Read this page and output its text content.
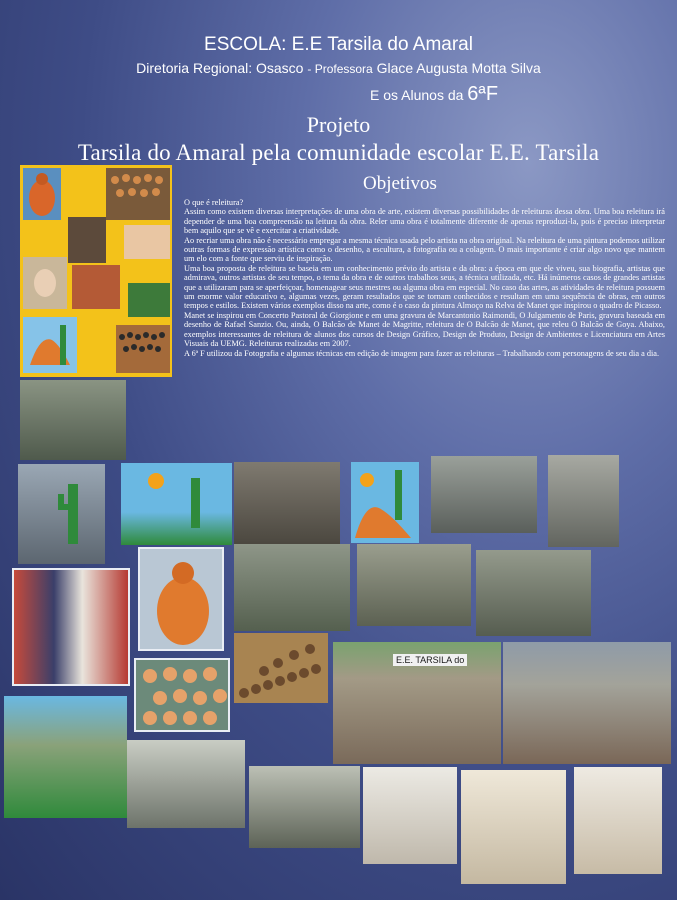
ESCOLA: E.E Tarsila do Amaral
Diretoria Regional: Osasco - Professora Glace Augusta Motta Silva
E os Alunos da 6ªF
Projeto
Tarsila do Amaral pela comunidade escolar E.E. Tarsila
Objetivos

O que é releitura?

Assim como existem diversas interpretações de uma obra de arte, existem diversas possibilidades de releituras dessa obra. Uma boa releitura irá depender de uma boa compreensão na leitura da obra. Reler uma obra é totalmente diferente de apenas reproduzi-la, pois é preciso interpretar bem aquilo que se vê e exercitar a criatividade.

Ao recriar uma obra não é necessário empregar a mesma técnica usada pelo artista na obra original. Na releitura de uma pintura podemos utilizar outras formas de expressão artística como o desenho, a escultura, a fotografia ou a colagem. O mais importante é criar algo novo que mantem um elo com a fonte que serviu de inspiração.

Uma boa proposta de releitura se baseia em um conhecimento prévio do artista e da obra: a época em que ele viveu, sua biografia, artistas que admirava, outros artistas de seu tempo, o tema da obra e de outros trabalhos seus, a técnica utilizada, etc. Há inúmeros casos de grandes artistas que a utilizaram para se aperfeiçoar, homenagear seus mestres ou alguma obra em especial. No caso das artes, as atividades de releitura possuem um enorme valor educativo e, algumas vezes, geram resultados que se tornam conhecidos e resultam em uma sequência de obras, em outros tempos e estilos. Existem vários exemplos disso na arte, como é o caso da pintura Almoço na Relva de Manet que inspirou o quadro de Picasso.

Manet se inspirou em Concerto Pastoral de Giorgione e em uma gravura de Marcantonio Raimondi, O Julgamento de Paris, gravura baseada em desenho de Rafael Sanzio. Ou, ainda, O Balcão de Manet de Magritte, releitura de O Balcão de Manet, que releu O Balcão de Goya. Abaixo, exemplos interessantes de releitura de alunos dos cursos de Design Gráfico, Design de Produto, Design de Ambientes e Licenciatura em Artes Visuais da UEMG. Releituras realizadas em 2007.

A 6ª F utilizou da Fotografia e algumas técnicas em edição de imagem para fazer as releituras – Trabalhando com personagens de seu dia a dia.

E.E. TARSILA do
